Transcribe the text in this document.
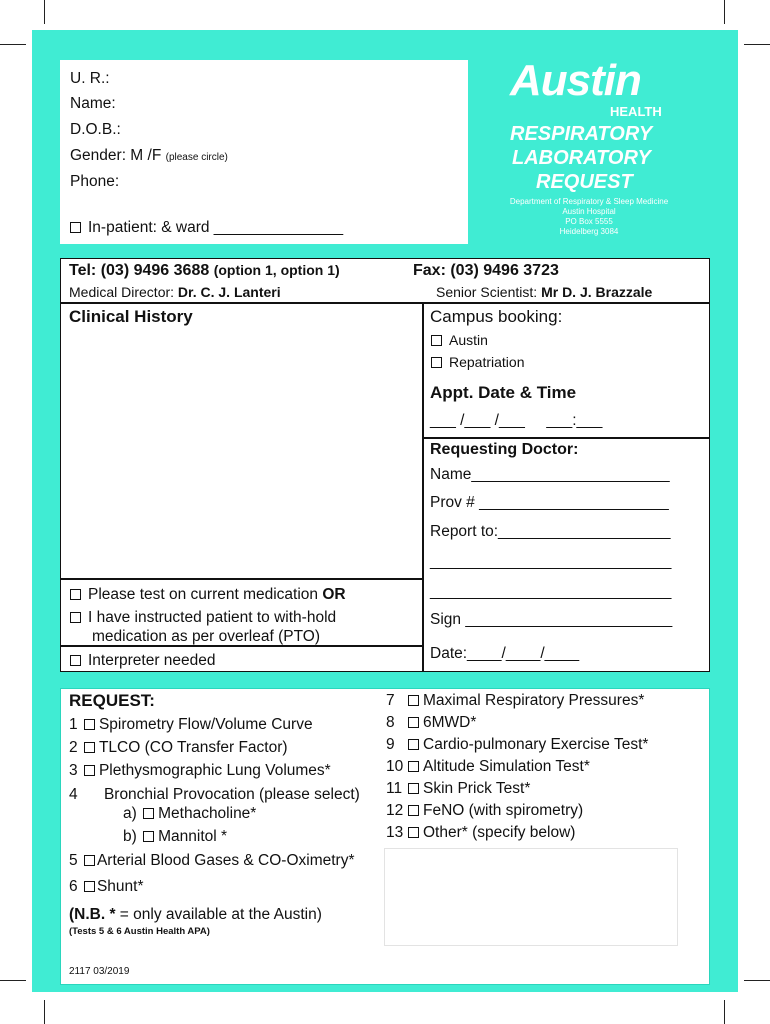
U. R.:
Name:
D.O.B.:
Gender: M /F (please circle)
Phone:
In-patient: & ward _______________
Austin
HEALTH
RESPIRATORY
LABORATORY
REQUEST
Department of Respiratory & Sleep Medicine
Austin Hospital
PO Box 5555
Heidelberg 3084
Tel: (03) 9496 3688 (option 1, option 1)	Fax: (03) 9496 3723
Medical Director: Dr. C. J. Lanteri	Senior Scientist: Mr D. J. Brazzale
Clinical History
Please test on current medication OR
I have instructed patient to with-hold
medication as per overleaf (PTO)
Interpreter needed
Campus booking:
Austin
Repatriation
Appt. Date & Time
___ /___ /___     ___:___
Requesting Doctor:
Name_______________________
Prov # ______________________
Report to:____________________
____________________________
____________________________
Sign ________________________
Date:____/____/____
REQUEST:
1 Spirometry Flow/Volume Curve
2 TLCO (CO Transfer Factor)
3 Plethysmographic Lung Volumes*
4 Bronchial Provocation (please select)
a) Methacholine*
b) Mannitol *
5 Arterial Blood Gases & CO-Oximetry*
6 Shunt*
(N.B. * = only available at the Austin)
(Tests 5 & 6 Austin Health APA)
2117 03/2019
7 Maximal Respiratory Pressures*
8 6MWD*
9 Cardio-pulmonary Exercise Test*
10 Altitude Simulation Test*
11 Skin Prick Test*
12 FeNO (with spirometry)
13 Other* (specify below)
